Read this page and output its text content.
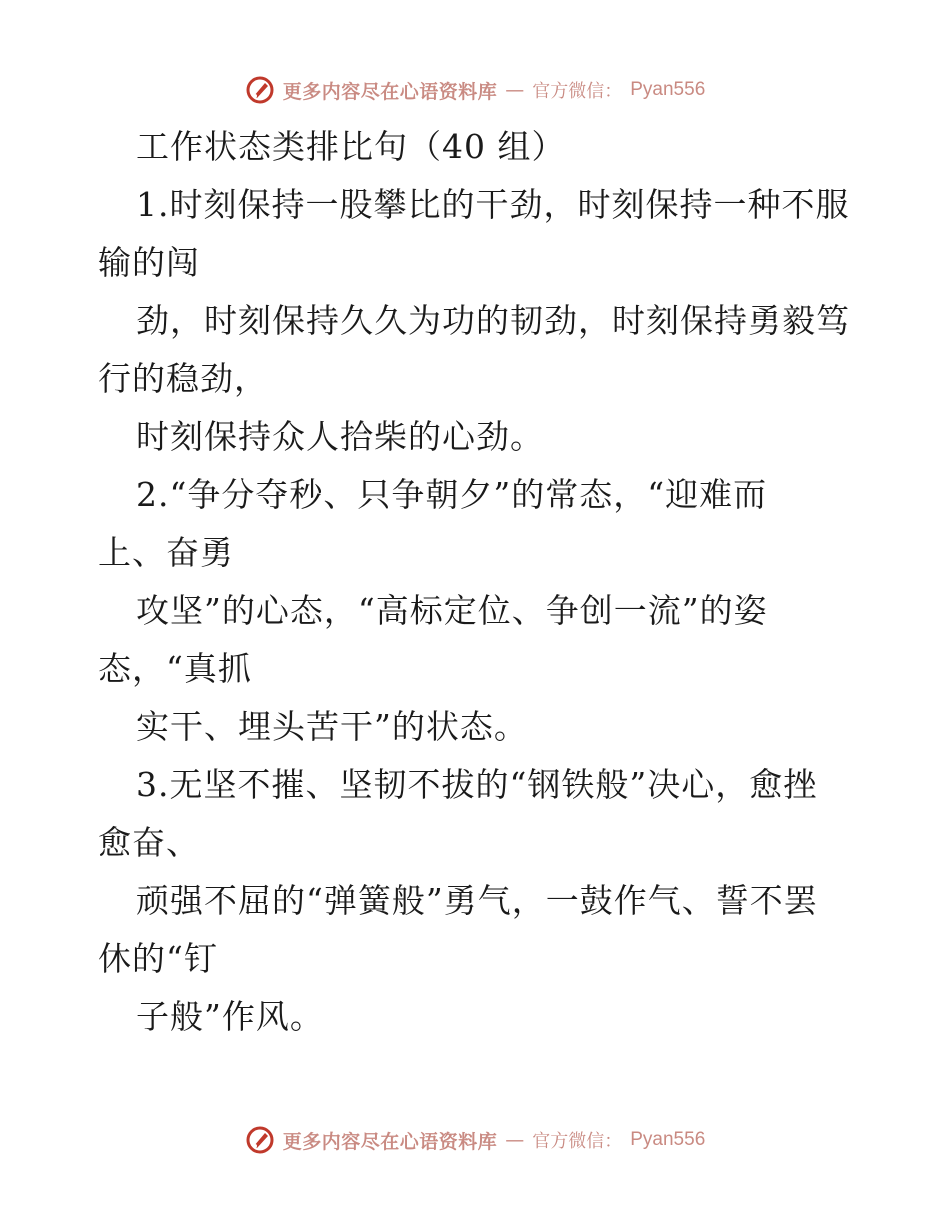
更多内容尽在心语资料库 — 官方微信： Pyan556
工作状态类排比句（40 组）
1.时刻保持一股攀比的干劲，时刻保持一种不服
输的闯
劲，时刻保持久久为功的韧劲，时刻保持勇毅笃
行的稳劲，
时刻保持众人拾柴的心劲。
2.“争分夺秒、只争朝夕”的常态，“迎难而
上、奋勇
攻坚”的心态，“高标定位、争创一流”的姿
态，“真抓
实干、埋头苦干”的状态。
3.无坚不摧、坚韧不拔的“钢铁般”决心，愈挫
愈奋、
顽强不屈的“弹簧般”勇气，一鼓作气、誓不罢
休的“钉
子般”作风。
更多内容尽在心语资料库 — 官方微信： Pyan556
